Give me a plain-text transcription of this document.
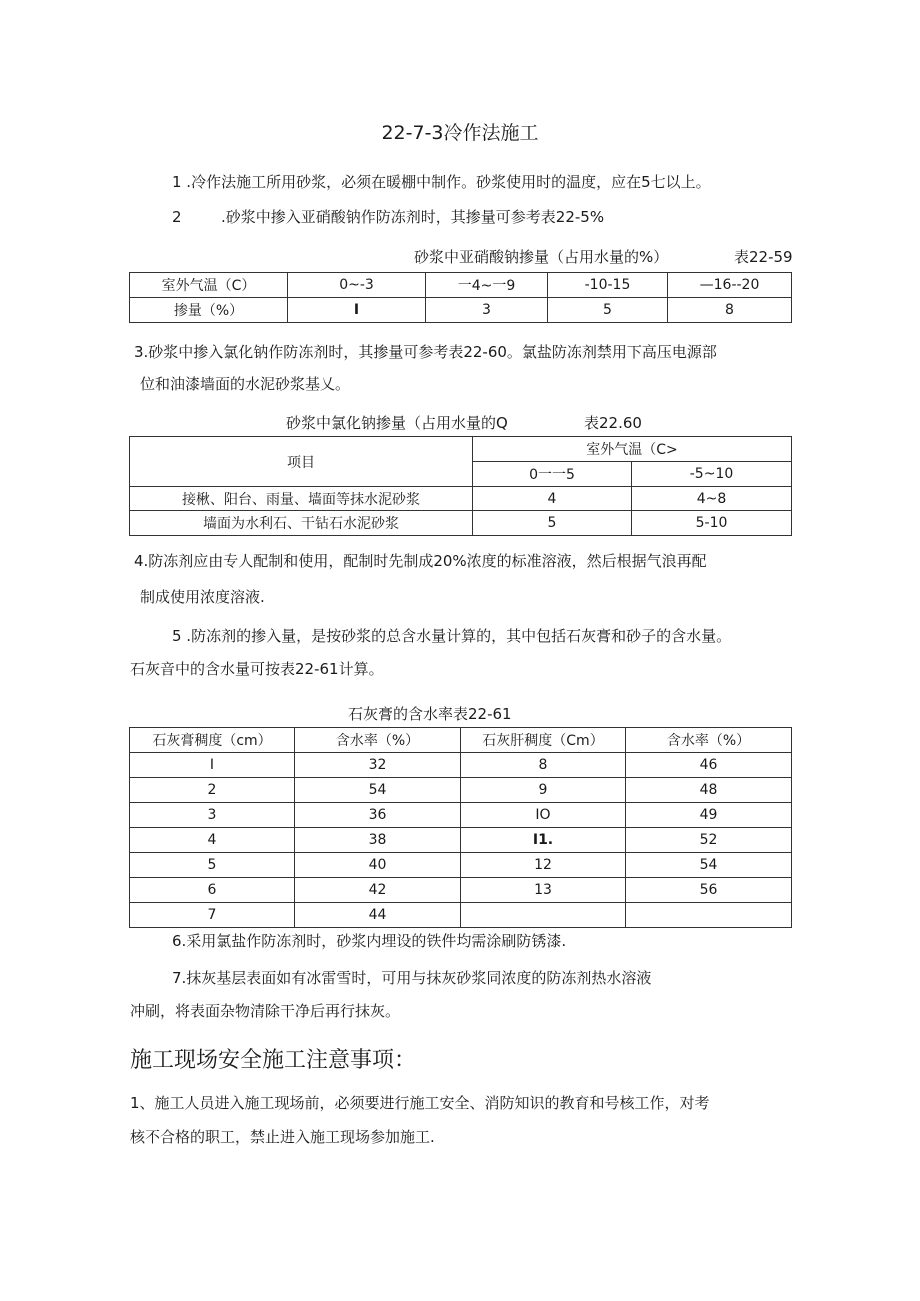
22-7-3冷作法施工
1 .冷作法施工所用砂浆，必须在暖棚中制作。砂浆使用时的温度，应在5七以上。
2	.砂浆中掺入亚硝酸钠作防冻剂时，其掺量可参考表22-5%
砂浆中亚硝酸钠掺量（占用水量的%）	表22-59
室外气温（C）	0~-3	一4~一9	-10-15	—16--20
掺量（%）	I	3	5	8
3.砂浆中掺入氯化钠作防冻剂时，其掺量可参考表22-60。氯盐防冻剂禁用下高压电源部
位和油漆墙面的水泥砂浆基乂。
砂浆中氯化钠掺量（占用水量的Q	表22.60
项目	室外气温（C>	
	0一一5	-5~10
接楸、阳台、雨量、墙面等抹水泥砂浆	4	4~8
墙面为水利石、干钻石水泥砂浆	5	5-10
4.防冻剂应由专人配制和使用，配制时先制成20%浓度的标准溶液，然后根据气浪再配
制成使用浓度溶液.
5 .防冻剂的掺入量，是按砂浆的总含水量计算的，其中包括石灰膏和砂子的含水量。
石灰音中的含水量可按表22-61计算。
石灰膏的含水率表22-61
石灰膏稠度（cm）	含水率（%）	石灰肝稠度（Cm）	含水率（%）
I	32	8	46
2	54	9	48
3	36	IO	49
4	38	I1.	52
5	40	12	54
6	42	13	56
7	44		
6.采用氯盐作防冻剂时，砂浆内埋设的铁件均需涂刷防锈漆.
7.抹灰基层表面如有冰雷雪时，可用与抹灰砂浆同浓度的防冻剂热水溶液
冲刷，将表面杂物清除干净后再行抹灰。
施工现场安全施工注意事项：
1、施工人员进入施工现场前，必须要进行施工安全、消防知识的教育和号核工作，对考
核不合格的职工，禁止进入施工现场参加施工.
